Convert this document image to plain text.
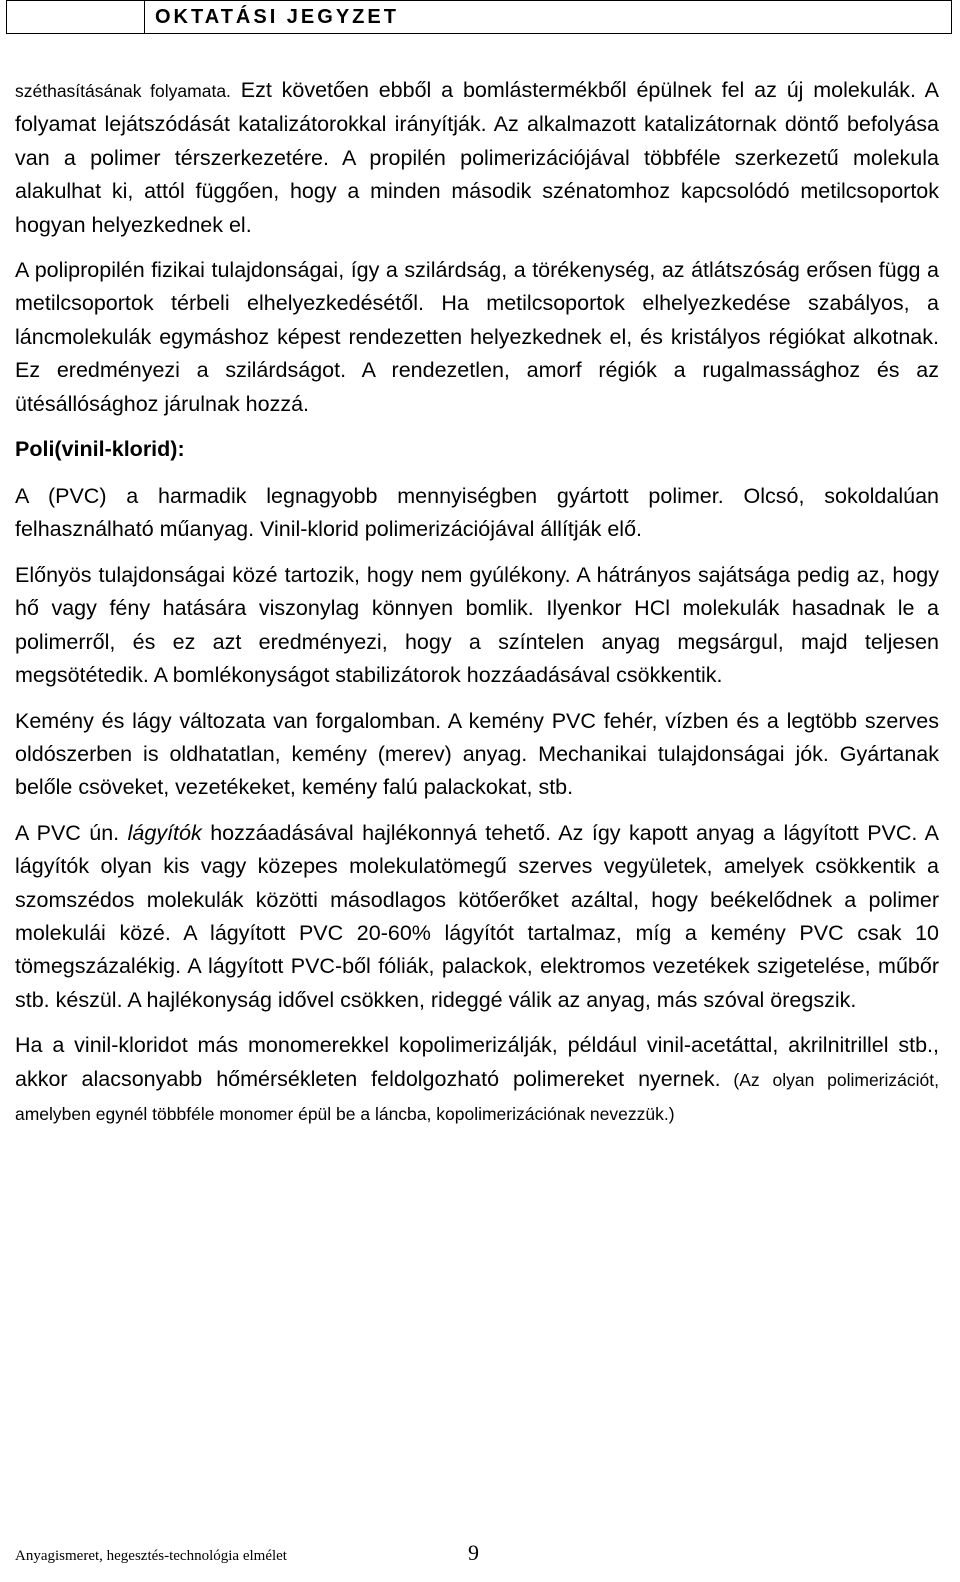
OKTATÁSI JEGYZET

széthasításának folyamata. Ezt követően ebből a bomlástermékből épülnek fel az új molekulák. A folyamat lejátszódását katalizátorokkal irányítják. Az alkalmazott katalizátornak döntő befolyása van a polimer térszerkezetére. A propilén polimerizációjával többféle szerkezetű molekula alakulhat ki, attól függően, hogy a minden második szénatomhoz kapcsolódó metilcsoportok hogyan helyezkednek el.

A polipropilén fizikai tulajdonságai, így a szilárdság, a törékenység, az átlátszóság erősen függ a metilcsoportok térbeli elhelyezkedésétől. Ha metilcsoportok elhelyezkedése szabályos, a láncmolekulák egymáshoz képest rendezetten helyezkednek el, és kristályos régiókat alkotnak. Ez eredményezi a szilárdságot. A rendezetlen, amorf régiók a rugalmassághoz és az ütésállósághoz járulnak hozzá.

Poli(vinil-klorid):

A (PVC) a harmadik legnagyobb mennyiségben gyártott polimer. Olcsó, sokoldalúan felhasználható műanyag. Vinil-klorid polimerizációjával állítják elő.

Előnyös tulajdonságai közé tartozik, hogy nem gyúlékony. A hátrányos sajátsága pedig az, hogy hő vagy fény hatására viszonylag könnyen bomlik. Ilyenkor HCl molekulák hasadnak le a polimerről, és ez azt eredményezi, hogy a színtelen anyag megsárgul, majd teljesen megsötétedik. A bomlékonyságot stabilizátorok hozzáadásával csökkentik.

Kemény és lágy változata van forgalomban. A kemény PVC fehér, vízben és a legtöbb szerves oldószerben is oldhatatlan, kemény (merev) anyag. Mechanikai tulajdonságai jók. Gyártanak belőle csöveket, vezetékeket, kemény falú palackokat, stb.

A PVC ún. lágyítók hozzáadásával hajlékonnyá tehető. Az így kapott anyag a lágyított PVC. A lágyítók olyan kis vagy közepes molekulatömegű szerves vegyületek, amelyek csökkentik a szomszédos molekulák közötti másodlagos kötőerőket azáltal, hogy beékelődnek a polimer molekulái közé. A lágyított PVC 20-60% lágyítót tartalmaz, míg a kemény PVC csak 10 tömegszázalékig. A lágyított PVC-ből fóliák, palackok, elektromos vezetékek szigetelése, műbőr stb. készül. A hajlékonyság idővel csökken, rideggé válik az anyag, más szóval öregszik.

Ha a vinil-kloridot más monomerekkel kopolimerizálják, például vinil-acetáttal, akrilnitrillel stb., akkor alacsonyabb hőmérsékleten feldolgozható polimereket nyernek. (Az olyan polimerizációt, amelyben egynél többféle monomer épül be a láncba, kopolimerizációnak nevezzük.)

Anyagismeret, hegesztés-technológia elmélet	9
